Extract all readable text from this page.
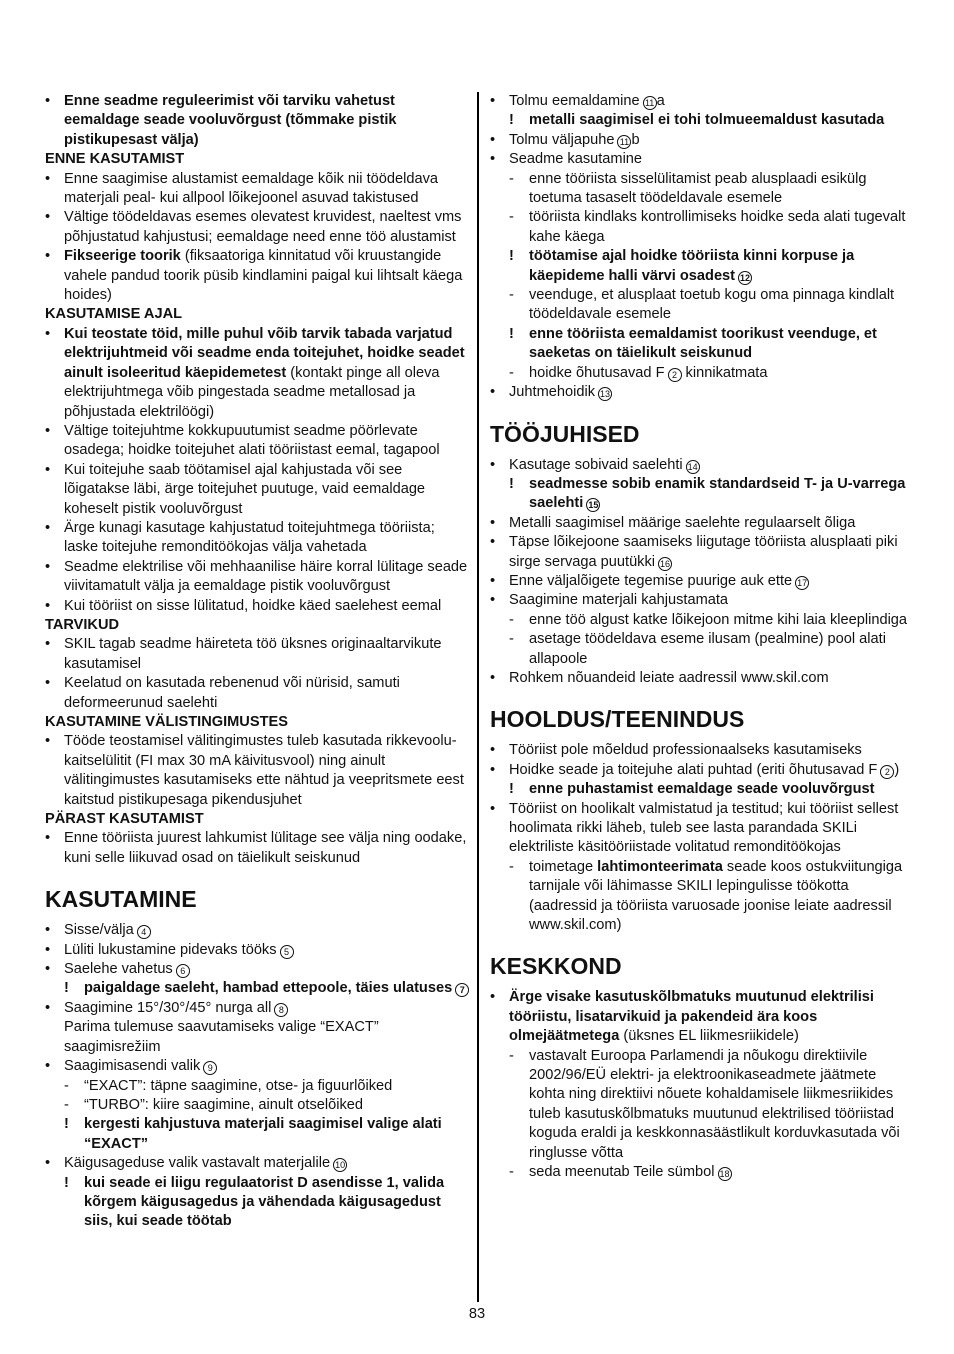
• Enne seadme reguleerimist või tarviku vahetust eemaldage seade vooluvõrgust (tõmmake pistik pistikupesast välja)
ENNE KASUTAMIST
• Enne saagimise alustamist eemaldage kõik nii töödeldava materjali peal- kui allpool lõikejoonel asuvad takistused
• Vältige töödeldavas esemes olevatest kruvidest, naeltest vms põhjustatud kahjustusi; eemaldage need enne töö alustamist
• Fikseerige toorik (fiksaatoriga kinnitatud või kruustangide vahele pandud toorik püsib kindlamini paigal kui lihtsalt käega hoides)
KASUTAMISE AJAL
• Kui teostate töid, mille puhul võib tarvik tabada varjatud elektrijuhtmeid või seadme enda toitejuhet, hoidke seadet ainult isoleeritud käepidemetest (kontakt pinge all oleva elektrijuhtmega võib pingestada seadme metallosad ja põhjustada elektrilöögi)
• Vältige toitejuhtme kokkupuutumist seadme pöörlevate osadega; hoidke toitejuhet alati tööriistast eemal, tagapool
• Kui toitejuhe saab töötamisel ajal kahjustada või see lõigatakse läbi, ärge toitejuhet puutuge, vaid eemaldage koheselt pistik vooluvõrgust
• Ärge kunagi kasutage kahjustatud toitejuhtmega tööriista; laske toitejuhe remonditöökojas välja vahetada
• Seadme elektrilise või mehhaanilise häire korral lülitage seade viivitamatult välja ja eemaldage pistik vooluvõrgust
• Kui tööriist on sisse lülitatud, hoidke käed saelehest eemal
TARVIKUD
• SKIL tagab seadme häireteta töö üksnes originaaltarvikute kasutamisel
• Keelatud on kasutada rebenenud või nürisid, samuti deformeerunud saelehti
KASUTAMINE VÄLISTINGIMUSTES
• Tööde teostamisel välitingimustes tuleb kasutada rikkevoolu-kaitselülitit (FI max 30 mA käivitusvool) ning ainult välitingimustes kasutamiseks ette nähtud ja veepritsmete eest kaitstud pistikupesaga pikendusjuhet
PÄRAST KASUTAMIST
• Enne tööriista juurest lahkumist lülitage see välja ning oodake, kuni selle liikuvad osad on täielikult seiskunud
KASUTAMINE
• Sisse/välja 4
• Lüliti lukustamine pidevaks tööks 5
• Saelehe vahetus 6
!	paigaldage saeleht, hambad ettepoole, täies ulatuses 7
• Saagimine 15°/30°/45° nurga all 8
Parima tulemuse saavutamiseks valige “EXACT” saagimisrežiim
• Saagimisasendi valik 9
-	“EXACT”: täpne saagimine, otse- ja figuurlõiked
-	“TURBO”: kiire saagimine, ainult otselõiked
!	kergesti kahjustuva materjali saagimisel valige alati “EXACT”
• Käigusageduse valik vastavalt materjalile 10
!	kui seade ei liigu regulaatorist D asendisse 1, valida kõrgem käigusagedus ja vähendada käigusagedust siis, kui seade töötab
• Tolmu eemaldamine 11 a
!	metalli saagimisel ei tohi tolmueemaldust kasutada
• Tolmu väljapuhe 11 b
• Seadme kasutamine
-	enne tööriista sisselülitamist peab alusplaadi esikülg toetuma tasaselt töödeldavale esemele
-	tööriista kindlaks kontrollimiseks hoidke seda alati tugevalt kahe käega
!	töötamise ajal hoidke tööriista kinni korpuse ja käepideme halli värvi osadest 12
-	veenduge, et alusplaat toetub kogu oma pinnaga kindlalt töödeldavale esemele
!	enne tööriista eemaldamist toorikust veenduge, et saeketas on täielikult seiskunud
-	hoidke õhutusavad F 2 kinnikatmata
• Juhtmehoidik 13
TÖÖJUHISED
• Kasutage sobivaid saelehti 14
!	seadmesse sobib enamik standardseid T- ja U-varrega saelehti 15
• Metalli saagimisel määrige saelehte regulaarselt õliga
• Täpse lõikejoone saamiseks liigutage tööriista alusplaati piki sirge servaga puutükki 16
• Enne väljalõigete tegemise puurige auk ette 17
• Saagimine materjali kahjustamata
-	enne töö algust katke lõikejoon mitme kihi laia kleeplindiga
-	asetage töödeldava eseme ilusam (pealmine) pool alati allapoole
• Rohkem nõuandeid leiate aadressil www.skil.com
HOOLDUS/TEENINDUS
• Tööriist pole mõeldud professionaalseks kasutamiseks
• Hoidke seade ja toitejuhe alati puhtad (eriti õhutusavad F 2 )
!	enne puhastamist eemaldage seade vooluvõrgust
• Tööriist on hoolikalt valmistatud ja testitud; kui tööriist sellest hoolimata rikki läheb, tuleb see lasta parandada SKILi elektriliste käsitööriistade volitatud remonditöökojas
-	toimetage lahtimonteerimata seade koos ostukviitungiga tarnijale või lähimasse SKILI lepingulisse töökotta (aadressid ja tööriista varuosade joonise leiate aadressil www.skil.com)
KESKKOND
• Ärge visake kasutuskõlbmatuks muutunud elektrilisi tööriistu, lisatarvikuid ja pakendeid ära koos olmejäätmetega (üksnes EL liikmesriikidele)
-	vastavalt Euroopa Parlamendi ja nõukogu direktiivile 2002/96/EÜ elektri- ja elektroonikaseadmete jäätmete kohta ning direktiivi nõuete kohaldamisele liikmesriikides tuleb kasutuskõlbmatuks muutunud elektrilised tööriistad koguda eraldi ja keskkonnasäästlikult korduvkasutada või ringlusse võtta
-	seda meenutab Teile sümbol 18
83
